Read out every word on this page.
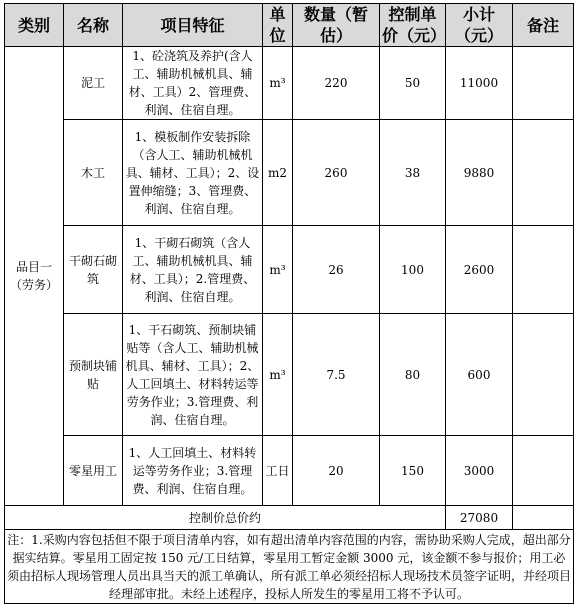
类别	名称	项目特征	单位	数量（暂估）	控制单价（元）	小计（元）	备注
品目一（劳务）	泥工	1、砼浇筑及养护(含人工、辅助机械机具、辅材、工具）2、管理费、利润、住宿自理。	m³	220	50	11000	
	木工	1、模板制作安装拆除（含人工、辅助机械机具、辅材、工具）；2、设置伸缩缝；3、管理费、利润、住宿自理。	m2	260	38	9880	
	干砌石砌筑	1、干砌石砌筑（含人工、辅助机械机具、辅材、工具）；2.管理费、利润、住宿自理。	m³	26	100	2600	
	预制块铺贴	1、干石砌筑、预制块铺贴等（含人工、辅助机械机具、辅材、工具）；2、人工回填土、材料转运等劳务作业；3.管理费、利润、住宿自理。	m³	7.5	80	600	
	零星用工	1、人工回填土、材料转运等劳务作业；3.管理费、利润、住宿自理。	工日	20	150	3000	
控制价总价约						27080	
注：1.采购内容包括但不限于项目清单内容，如有超出清单内容范围的内容，需协助采购人完成，超出部分据实结算。零星用工固定按 150 元/工日结算，零星用工暂定金额 3000 元，该金额不参与报价；用工必须由招标人现场管理人员出具当天的派工单确认，所有派工单必须经招标人现场技术员签字证明，并经项目经理部审批。未经上述程序，投标人所发生的零星用工将不予认可。							
